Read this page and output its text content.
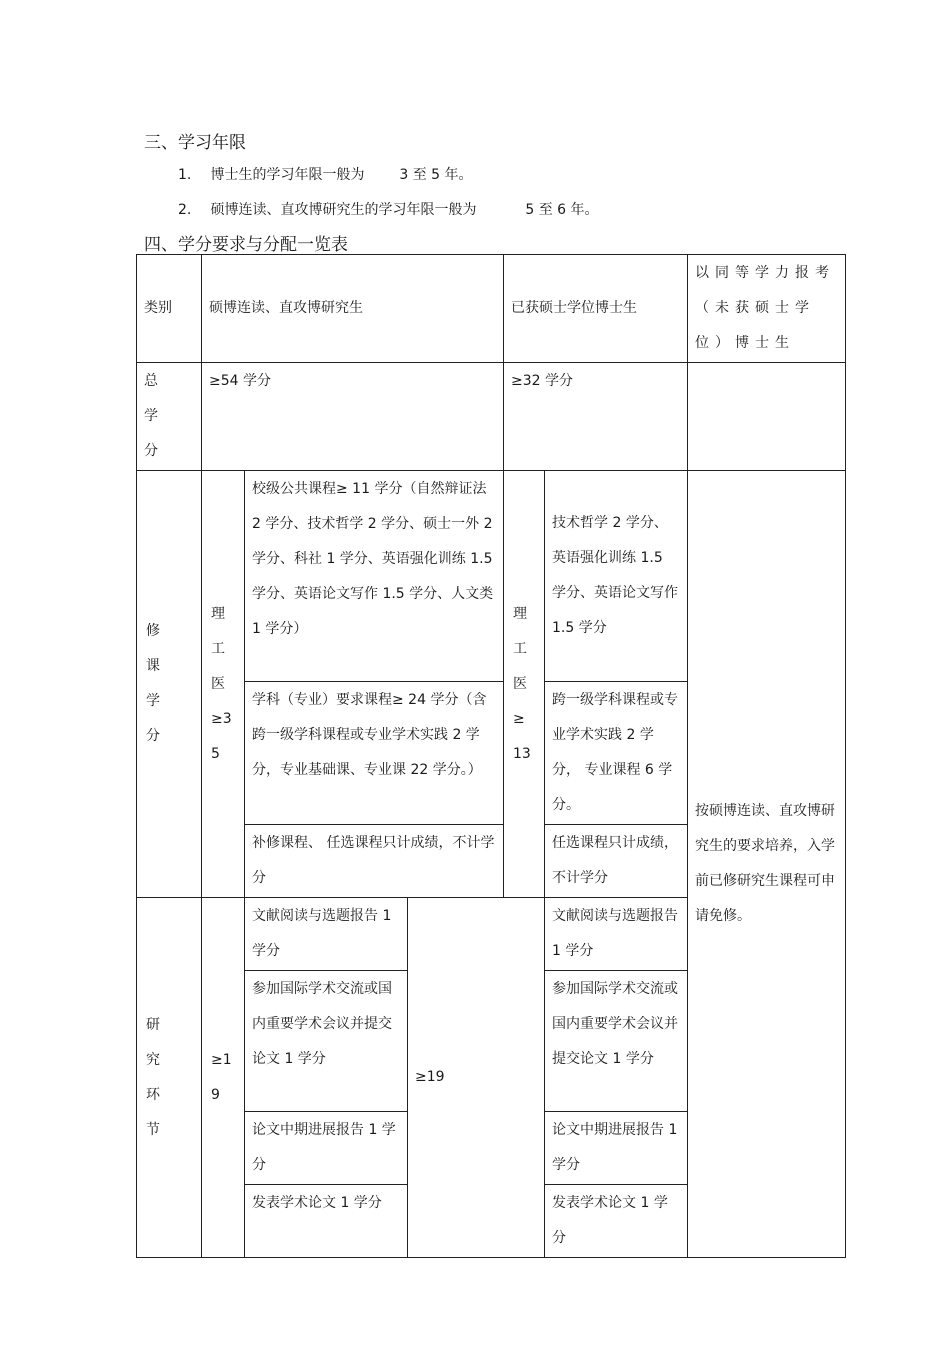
三、学习年限
1. 博士生的学习年限一般为 3 至 5 年。
2. 硕博连读、直攻博研究生的学习年限一般为	5 至 6 年。
四、学分要求与分配一览表
类别	硕博连读、直攻博研究生			已获硕士学位博士生		以同等学力报考（未获硕士学位）博士生
总 学 分	≥54 学分			≥32 学分		

修课学分	理工医≥35	校级公共课程≥ 11 学分（自然辩证法 2 学分、技术哲学 2 学分、硕士一外 2 学分、科社 1 学分、英语强化训练 1.5 学分、英语论文写作 1.5 学分、人文类 1 学分）		理工医≥13	技术哲学 2 学分、英语强化训练 1.5 学分、英语论文写作 1.5 学分	按硕博连读、直攻博研究生的要求培养，入学前已修研究生课程可申请免修。
		学科（专业）要求课程≥ 24 学分（含跨一级学科课程或专业学术实践 2 学分，专业基础课、专业课 22 学分。）			跨一级学科课程或专业学术实践 2 学分， 专业课程 6 学分。	
		补修课程、 任选课程只计成绩，不计学分			任选课程只计成绩，不计学分	

研究环节	≥19	文献阅读与选题报告 1 学分	≥19		文献阅读与选题报告 1 学分	
		参加国际学术交流或国内重要学术会议并提交论文 1 学分			参加国际学术交流或国内重要学术会议并提交论文 1 学分	
		论文中期进展报告 1 学分			论文中期进展报告 1 学分	
		发表学术论文 1 学分			发表学术论文 1 学分	
